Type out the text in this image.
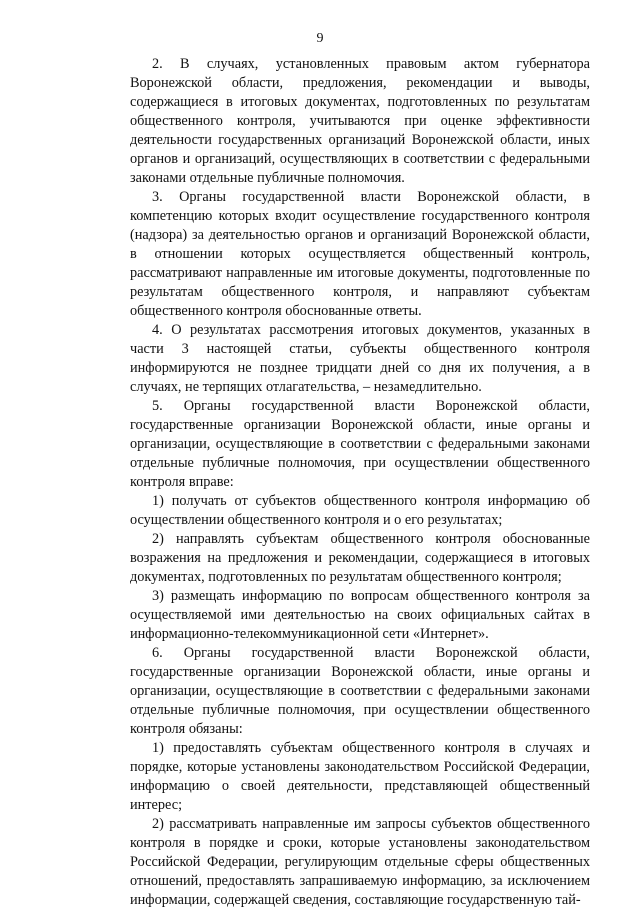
9

2. В случаях, установленных правовым актом губернатора Воронежской области, предложения, рекомендации и выводы, содержащиеся в итоговых документах, подготовленных по результатам общественного контроля, учитываются при оценке эффективности деятельности государственных организаций Воронежской области, иных органов и организаций, осуществляющих в соответствии с федеральными законами отдельные публичные полномочия.

3. Органы государственной власти Воронежской области, в компетенцию которых входит осуществление государственного контроля (надзора) за деятельностью органов и организаций Воронежской области, в отношении которых осуществляется общественный контроль, рассматривают направленные им итоговые документы, подготовленные по результатам общественного контроля, и направляют субъектам общественного контроля обоснованные ответы.

4. О результатах рассмотрения итоговых документов, указанных в части 3 настоящей статьи, субъекты общественного контроля информируются не позднее тридцати дней со дня их получения, а в случаях, не терпящих отлагательства, – незамедлительно.

5. Органы государственной власти Воронежской области, государственные организации Воронежской области, иные органы и организации, осуществляющие в соответствии с федеральными законами отдельные публичные полномочия, при осуществлении общественного контроля вправе:

1) получать от субъектов общественного контроля информацию об осуществлении общественного контроля и о его результатах;

2) направлять субъектам общественного контроля обоснованные возражения на предложения и рекомендации, содержащиеся в итоговых документах, подготовленных по результатам общественного контроля;

3) размещать информацию по вопросам общественного контроля за осуществляемой ими деятельностью на своих официальных сайтах в информационно-телекоммуникационной сети «Интернет».

6. Органы государственной власти Воронежской области, государственные организации Воронежской области, иные органы и организации, осуществляющие в соответствии с федеральными законами отдельные публичные полномочия, при осуществлении общественного контроля обязаны:

1) предоставлять субъектам общественного контроля в случаях и порядке, которые установлены законодательством Российской Федерации, информацию о своей деятельности, представляющей общественный интерес;

2) рассматривать направленные им запросы субъектов общественного контроля в порядке и сроки, которые установлены законодательством Российской Федерации, регулирующим отдельные сферы общественных отношений, предоставлять запрашиваемую информацию, за исключением информации, содержащей сведения, составляющие государственную тай-
